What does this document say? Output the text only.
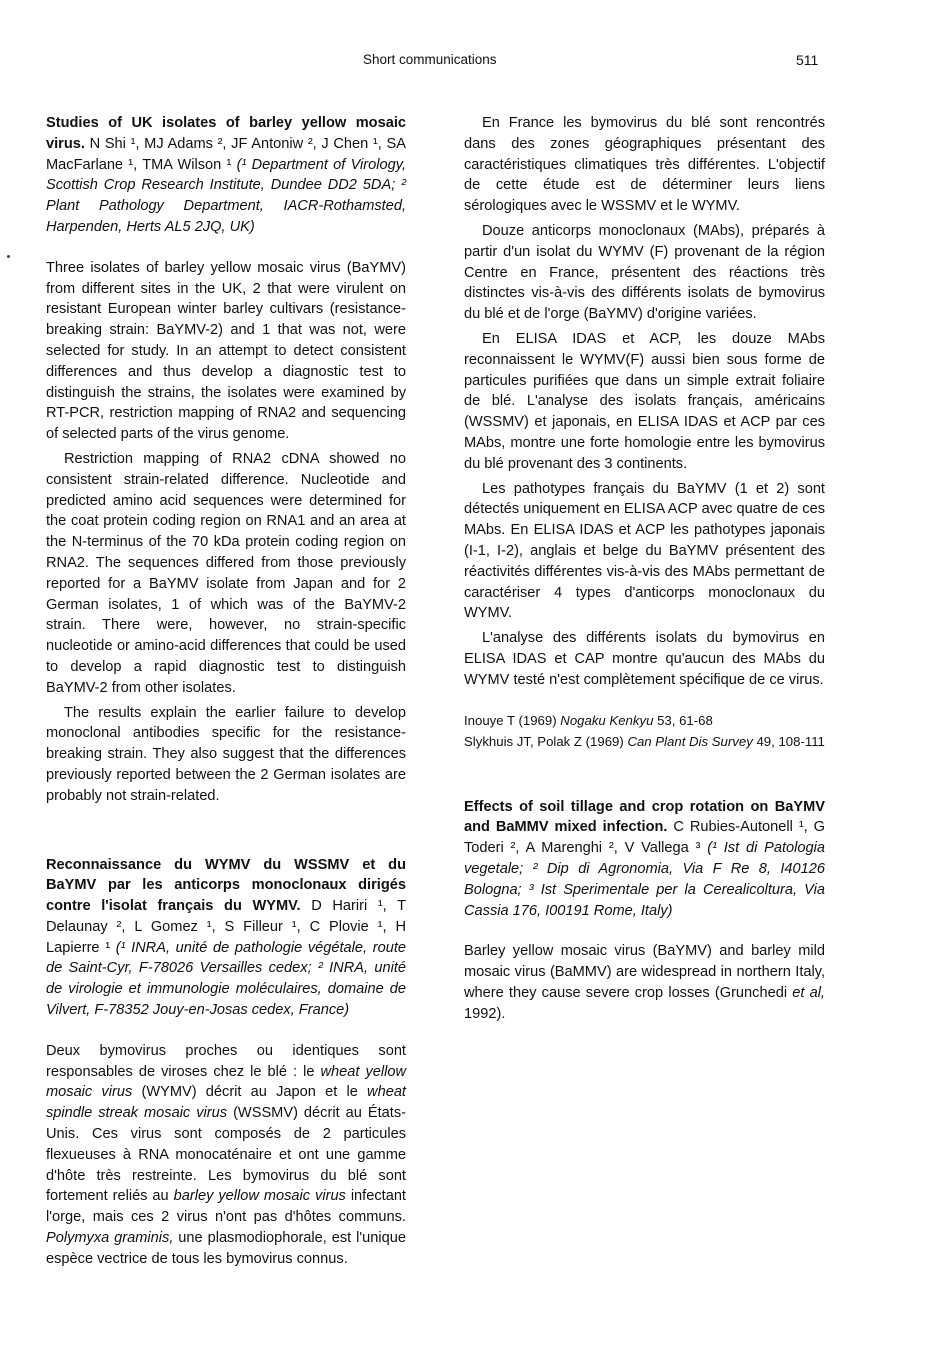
Short communications	511

Studies of UK isolates of barley yellow mosaic virus. N Shi ¹, MJ Adams ², JF Antoniw ², J Chen ¹, SA MacFarlane ¹, TMA Wilson ¹ (¹ Department of Virology, Scottish Crop Research Institute, Dundee DD2 5DA; ² Plant Pathology Department, IACR-Rothamsted, Harpenden, Herts AL5 2JQ, UK)

Three isolates of barley yellow mosaic virus (BaYMV) from different sites in the UK, 2 that were virulent on resistant European winter barley cultivars (resistance-breaking strain: BaYMV-2) and 1 that was not, were selected for study. In an attempt to detect consistent differences and thus develop a diagnostic test to distinguish the strains, the isolates were examined by RT-PCR, restriction mapping of RNA2 and sequencing of selected parts of the virus genome.

Restriction mapping of RNA2 cDNA showed no consistent strain-related difference. Nucleotide and predicted amino acid sequences were determined for the coat protein coding region on RNA1 and an area at the N-terminus of the 70 kDa protein coding region on RNA2. The sequences differed from those previously reported for a BaYMV isolate from Japan and for 2 German isolates, 1 of which was of the BaYMV-2 strain. There were, however, no strain-specific nucleotide or amino-acid differences that could be used to develop a rapid diagnostic test to distinguish BaYMV-2 from other isolates.

The results explain the earlier failure to develop monoclonal antibodies specific for the resistance-breaking strain. They also suggest that the differences previously reported between the 2 German isolates are probably not strain-related.

Reconnaissance du WYMV du WSSMV et du BaYMV par les anticorps monoclonaux dirigés contre l'isolat français du WYMV. D Hariri ¹, T Delaunay ², L Gomez ¹, S Filleur ¹, C Plovie ¹, H Lapierre ¹ (¹ INRA, unité de pathologie végétale, route de Saint-Cyr, F-78026 Versailles cedex; ² INRA, unité de virologie et immunologie moléculaires, domaine de Vilvert, F-78352 Jouy-en-Josas cedex, France)

Deux bymovirus proches ou identiques sont responsables de viroses chez le blé : le wheat yellow mosaic virus (WYMV) décrit au Japon et le wheat spindle streak mosaic virus (WSSMV) décrit au États-Unis. Ces virus sont composés de 2 particules flexueuses à RNA monocaténaire et ont une gamme d'hôte très restreinte. Les bymovirus du blé sont fortement reliés au barley yellow mosaic virus infectant l'orge, mais ces 2 virus n'ont pas d'hôtes communs. Polymyxa graminis, une plasmodiophorale, est l'unique espèce vectrice de tous les bymovirus connus.

En France les bymovirus du blé sont rencontrés dans des zones géographiques présentant des caractéristiques climatiques très différentes. L'objectif de cette étude est de déterminer leurs liens sérologiques avec le WSSMV et le WYMV.

Douze anticorps monoclonaux (MAbs), préparés à partir d'un isolat du WYMV (F) provenant de la région Centre en France, présentent des réactions très distinctes vis-à-vis des différents isolats de bymovirus du blé et de l'orge (BaYMV) d'origine variées.

En ELISA IDAS et ACP, les douze MAbs reconnaissent le WYMV(F) aussi bien sous forme de particules purifiées que dans un simple extrait foliaire de blé. L'analyse des isolats français, américains (WSSMV) et japonais, en ELISA IDAS et ACP par ces MAbs, montre une forte homologie entre les bymovirus du blé provenant des 3 continents.

Les pathotypes français du BaYMV (1 et 2) sont détectés uniquement en ELISA ACP avec quatre de ces MAbs. En ELISA IDAS et ACP les pathotypes japonais (I-1, I-2), anglais et belge du BaYMV présentent des réactivités différentes vis-à-vis des MAbs permettant de caractériser 4 types d'anticorps monoclonaux du WYMV.

L'analyse des différents isolats du bymovirus en ELISA IDAS et CAP montre qu'aucun des MAbs du WYMV testé n'est complètement spécifique de ce virus.

Inouye T (1969) Nogaku Kenkyu 53, 61-68

Slykhuis JT, Polak Z (1969) Can Plant Dis Survey 49, 108-111

Effects of soil tillage and crop rotation on BaYMV and BaMMV mixed infection. C Rubies-Autonell ¹, G Toderi ², A Marenghi ², V Vallega ³ (¹ Ist di Patologia vegetale; ² Dip di Agronomia, Via F Re 8, I40126 Bologna; ³ Ist Sperimentale per la Cerealicoltura, Via Cassia 176, I00191 Rome, Italy)

Barley yellow mosaic virus (BaYMV) and barley mild mosaic virus (BaMMV) are widespread in northern Italy, where they cause severe crop losses (Grunchedi et al, 1992).
